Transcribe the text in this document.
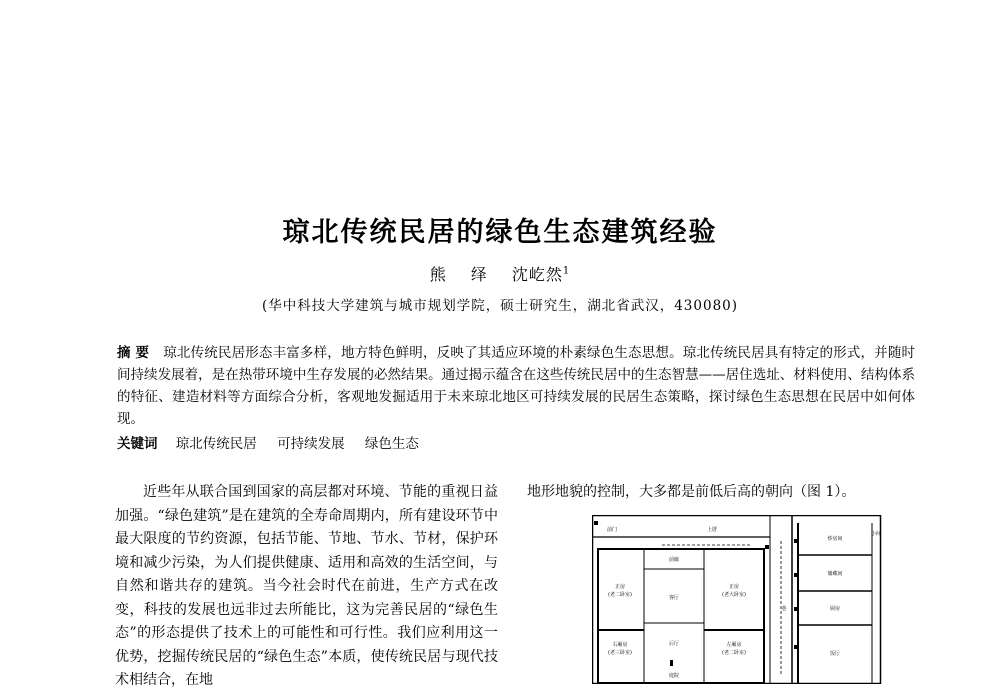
琼北传统民居的绿色生态建筑经验
熊 绎 沈屹然$^1$
(华中科技大学建筑与城市规划学院，硕士研究生，湖北省武汉，430080)
摘 要 琼北传统民居形态丰富多样，地方特色鲜明，反映了其适应环境的朴素绿色生态思想。琼北传统民居具有特定的形式，并随时间持续发展着，是在热带环境中生存发展的必然结果。通过揭示蕴含在这些传统民居中的生态智慧——居住选址、材料使用、结构体系的特征、建造材料等方面综合分析，客观地发掘适用于未来琼北地区可持续发展的民居生态策略，探讨绿色生态思想在民居中如何体现。
关键词 琼北传统民居 可持续发展 绿色生态
近些年从联合国到国家的高层都对环境、节能的重视日益加强。“绿色建筑”是在建筑的全寿命周期内，所有建设环节中最大限度的节约资源，包括节能、节地、节水、节材，保护环境和减少污染，为人们提供健康、适用和高效的生活空间，与自然和谐共存的建筑。当今社会时代在前进，生产方式在改变，科技的发展也远非过去所能比，这为完善民居的“绿色生态”的形态提供了技术上的可能性和可行性。我们应利用这一优势，挖掘传统民居的“绿色生态”本质，使传统民居与现代技术相结合，在地
地形地貌的控制，大多都是前低后高的朝向（图 1）。
前门	上厝
巷
炒房间
小间
储藏间
厨房
饭厅
前廊
客厅
正房
(老二卧室)
正房
(老大卧室)
右厢房
(老三卧室)
后厅	左厢房
(老二卧室)
庭院
